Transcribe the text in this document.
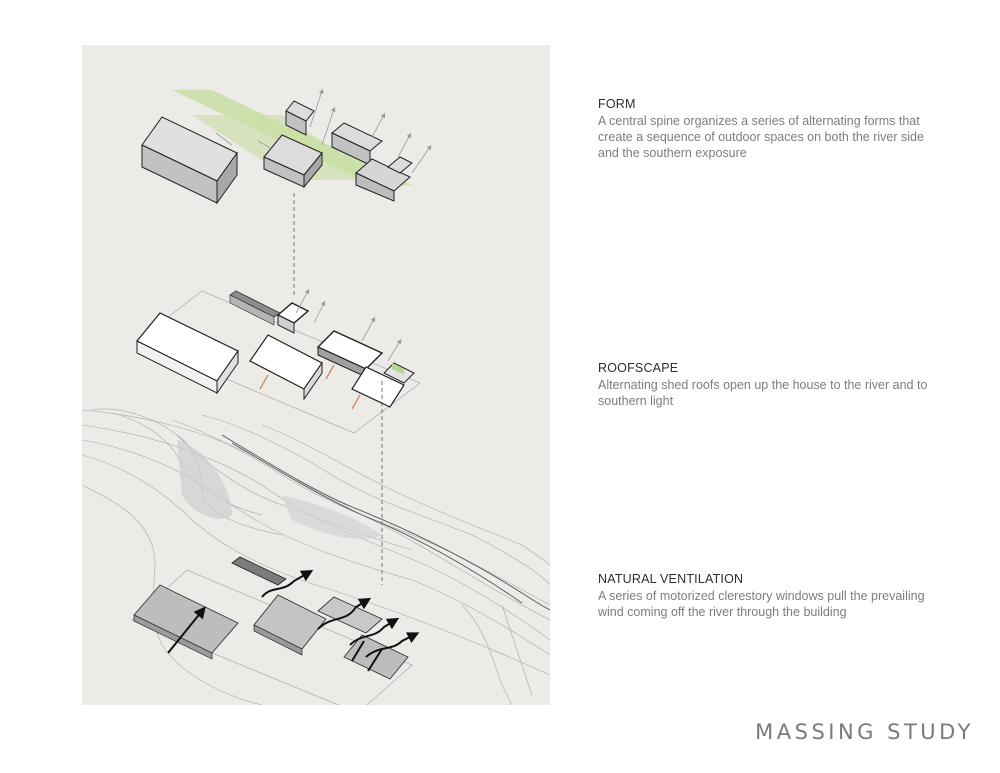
FORM

A central spine organizes a series of alternating forms that create a sequence of outdoor spaces on both the river side and the southern exposure

ROOFSCAPE

Alternating shed roofs open up the house to the river and to southern light

NATURAL VENTILATION

A series of motorized clerestory windows pull the prevailing wind coming off the river through the building

MASSING STUDY
